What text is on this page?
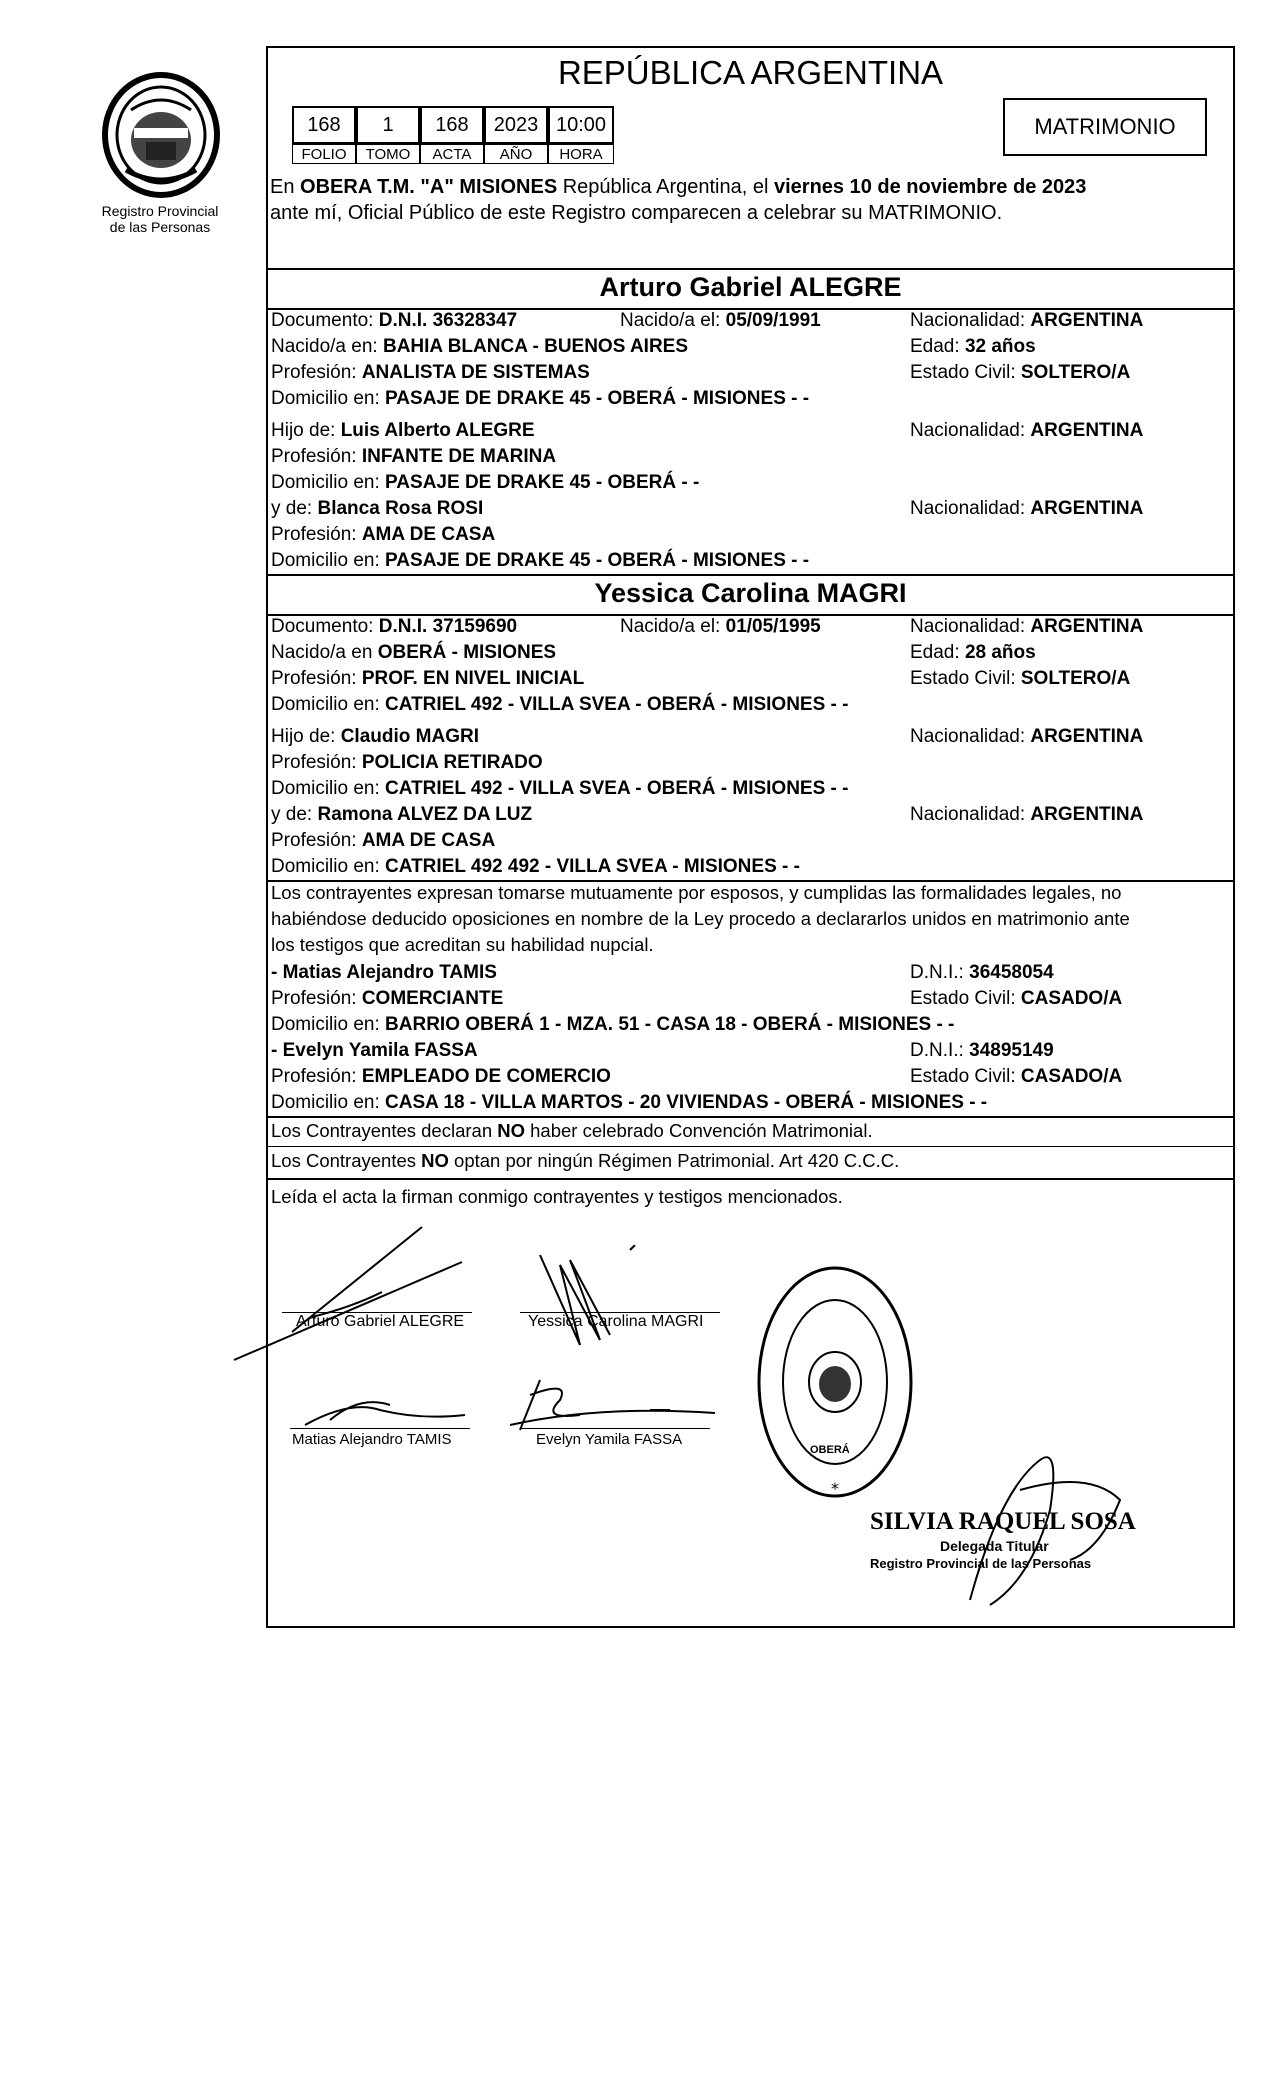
Registro Provincial
de las Personas
REPÚBLICA ARGENTINA
168	1	168	2023 10:00
FOLIO	TOMO	ACTA	AÑO	HORA
MATRIMONIO
En OBERA T.M. "A" MISIONES República Argentina, el viernes 10 de noviembre de 2023
ante mí, Oficial Público de este Registro comparecen a celebrar su MATRIMONIO.
Arturo Gabriel ALEGRE
Documento: D.N.I. 36328347	Nacido/a el: 05/09/1991	Nacionalidad: ARGENTINA
Nacido/a en: BAHIA BLANCA - BUENOS AIRES	Edad: 32 años
Profesión: ANALISTA DE SISTEMAS	Estado Civil: SOLTERO/A
Domicilio en: PASAJE DE DRAKE 45 - OBERÁ - MISIONES - -
Hijo de: Luis Alberto ALEGRE	Nacionalidad: ARGENTINA
Profesión: INFANTE DE MARINA
Domicilio en: PASAJE DE DRAKE 45 - OBERÁ - -
y de: Blanca Rosa ROSI	Nacionalidad: ARGENTINA
Profesión: AMA DE CASA
Domicilio en: PASAJE DE DRAKE 45 - OBERÁ - MISIONES - -
Yessica Carolina MAGRI
Documento: D.N.I. 37159690	Nacido/a el: 01/05/1995	Nacionalidad: ARGENTINA
Nacido/a en OBERÁ - MISIONES	Edad: 28 años
Profesión: PROF. EN NIVEL INICIAL	Estado Civil: SOLTERO/A
Domicilio en: CATRIEL 492 - VILLA SVEA - OBERÁ - MISIONES - -
Hijo de: Claudio MAGRI	Nacionalidad: ARGENTINA
Profesión: POLICIA RETIRADO
Domicilio en: CATRIEL 492 - VILLA SVEA - OBERÁ - MISIONES - -
y de: Ramona ALVEZ DA LUZ	Nacionalidad: ARGENTINA
Profesión: AMA DE CASA
Domicilio en: CATRIEL 492 492 - VILLA SVEA - MISIONES - -
Los contrayentes expresan tomarse mutuamente por esposos, y cumplidas las formalidades legales, no
habiéndose deducido oposiciones en nombre de la Ley procedo a declararlos unidos en matrimonio ante
los testigos que acreditan su habilidad nupcial.
- Matias Alejandro TAMIS	D.N.I.: 36458054
Profesión: COMERCIANTE	Estado Civil: CASADO/A
Domicilio en: BARRIO OBERÁ 1 - MZA. 51 - CASA 18 - OBERÁ - MISIONES - -
- Evelyn Yamila FASSA	D.N.I.: 34895149
Profesión: EMPLEADO DE COMERCIO	Estado Civil: CASADO/A
Domicilio en: CASA 18 - VILLA MARTOS - 20 VIVIENDAS - OBERÁ - MISIONES - -
Los Contrayentes declaran NO haber celebrado Convención Matrimonial.
Los Contrayentes NO optan por ningún Régimen Patrimonial. Art 420 C.C.C.
Leída el acta la firman conmigo contrayentes y testigos mencionados.
Arturo Gabriel ALEGRE	Yessica Carolina MAGRI
Matias Alejandro TAMIS	Evelyn Yamila FASSA
*
OBERÁ
SILVIA RAQUEL SOSA
Delegada Titular
Registro Provincial de las Personas
